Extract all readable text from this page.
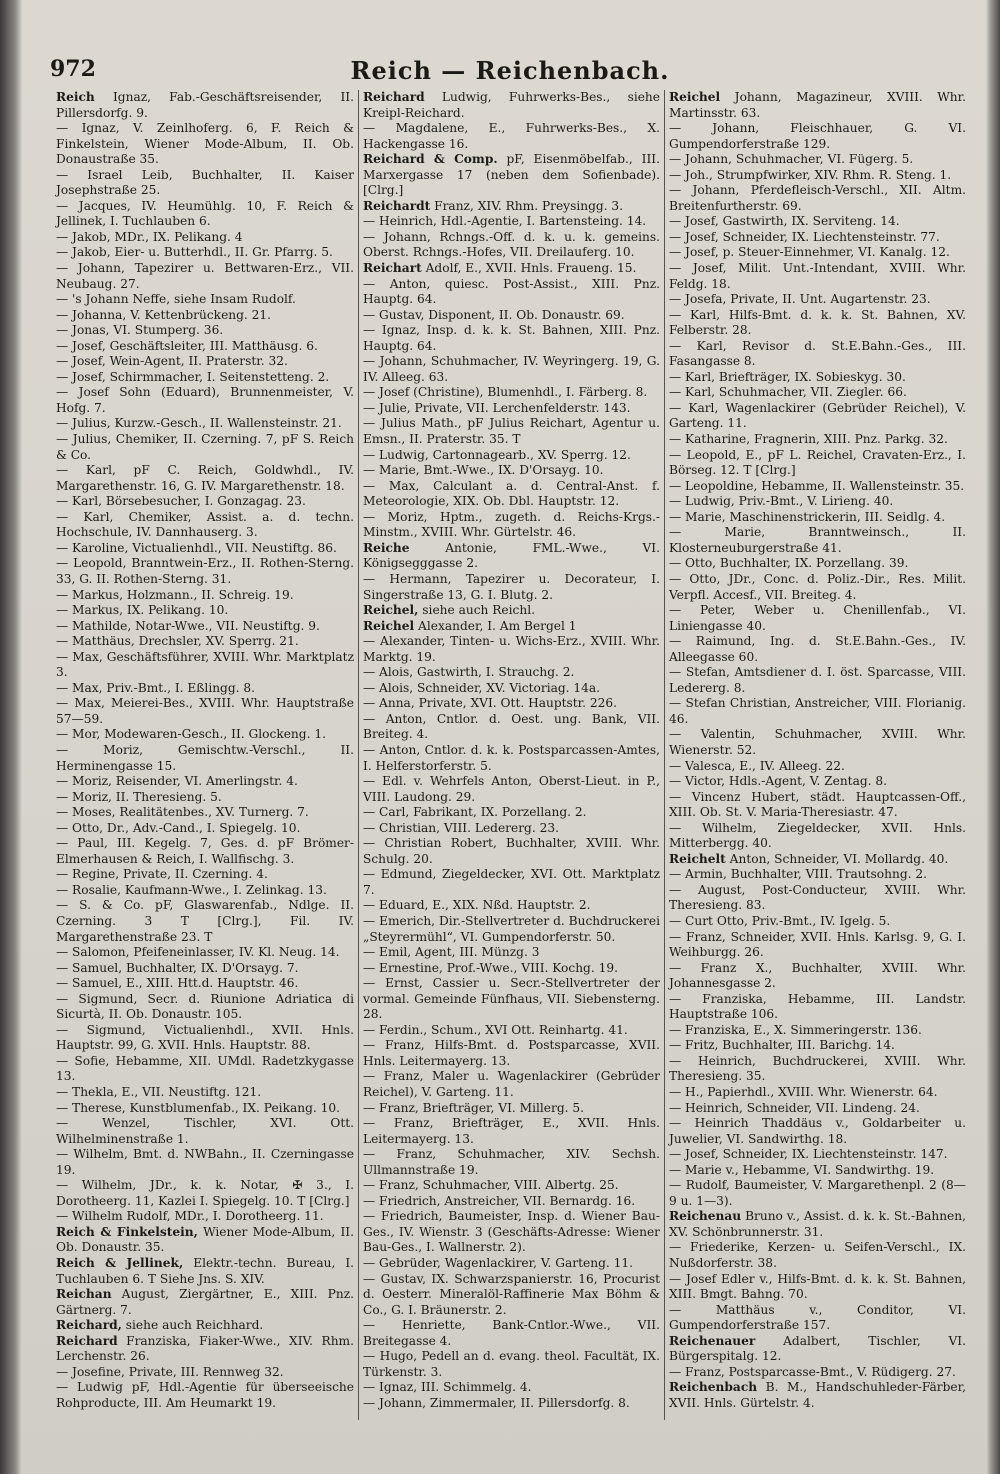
972	Reich — Reichenbach.
Reich Ignaz, Fab.-Geschäftsreisender, II. Pillersdorfg. 9.
— Ignaz, V. Zeinlhoferg. 6, F. Reich & Finkelstein, Wiener Mode-Album, II. Ob. Donaustraße 35.
— Israel Leib, Buchhalter, II. Kaiser Josephstraße 25.
— Jacques, IV. Heumühlg. 10, F. Reich & Jellinek, I. Tuchlauben 6.
— Jakob, MDr., IX. Pelikang. 4
— Jakob, Eier- u. Butterhdl., II. Gr. Pfarrg. 5.
— Johann, Tapezirer u. Bettwaren-Erz., VII. Neubaug. 27.
— 's Johann Neffe, siehe Insam Rudolf.
— Johanna, V. Kettenbrückeng. 21.
— Jonas, VI. Stumperg. 36.
— Josef, Geschäftsleiter, III. Matthäusg. 6.
— Josef, Wein-Agent, II. Praterstr. 32.
— Josef, Schirmmacher, I. Seitenstetteng. 2.
— Josef Sohn (Eduard), Brunnenmeister, V. Hofg. 7.
— Julius, Kurzw.-Gesch., II. Wallensteinstr. 21.
— Julius, Chemiker, II. Czerning. 7, pF S. Reich & Co.
— Karl, pF C. Reich, Goldwhdl., IV. Margarethenstr. 16, G. IV. Margarethenstr. 18.
— Karl, Börsebesucher, I. Gonzagag. 23.
— Karl, Chemiker, Assist. a. d. techn. Hochschule, IV. Dannhauserg. 3.
— Karoline, Victualienhdl., VII. Neustiftg. 86.
— Leopold, Branntwein-Erz., II. Rothen-Sterng. 33, G. II. Rothen-Sterng. 31.
— Markus, Holzmann., II. Schreig. 19.
— Markus, IX. Pelikang. 10.
— Mathilde, Notar-Wwe., VII. Neustiftg. 9.
— Matthäus, Drechsler, XV. Sperrg. 21.
— Max, Geschäftsführer, XVIII. Whr. Marktplatz 3.
— Max, Priv.-Bmt., I. Eßlingg. 8.
— Max, Meierei-Bes., XVIII. Whr. Hauptstraße 57—59.
— Mor, Modewaren-Gesch., II. Glockeng. 1.
— Moriz, Gemischtw.-Verschl., II. Herminengasse 15.
— Moriz, Reisender, VI. Amerlingstr. 4.
— Moriz, II. Theresieng. 5.
— Moses, Realitätenbes., XV. Turnerg. 7.
— Otto, Dr., Adv.-Cand., I. Spiegelg. 10.
— Paul, III. Kegelg. 7, Ges. d. pF Brömer-Elmerhausen & Reich, I. Wallfischg. 3.
— Regine, Private, II. Czerning. 4.
— Rosalie, Kaufmann-Wwe., I. Zelinkag. 13.
— S. & Co. pF, Glaswarenfab., Ndlge. II. Czerning. 3 T [Clrg.], Fil. IV. Margarethenstraße 23. T
— Salomon, Pfeifeneinlasser, IV. Kl. Neug. 14.
— Samuel, Buchhalter, IX. D'Orsayg. 7.
— Samuel, E., XIII. Htt.d. Hauptstr. 46.
— Sigmund, Secr. d. Riunione Adriatica di Sicurtà, II. Ob. Donaustr. 105.
— Sigmund, Victualienhdl., XVII. Hnls. Hauptstr. 99, G. XVII. Hnls. Hauptstr. 88.
— Sofie, Hebamme, XII. UMdl. Radetzkygasse 13.
— Thekla, E., VII. Neustiftg. 121.
— Therese, Kunstblumenfab., IX. Peikang. 10.
— Wenzel, Tischler, XVI. Ott. Wilhelminenstraße 1.
— Wilhelm, Bmt. d. NWBahn., II. Czerningasse 19.
— Wilhelm, JDr., k. k. Notar, ✠ 3., I. Dorotheerg. 11, Kazlei I. Spiegelg. 10. T [Clrg.]
— Wilhelm Rudolf, MDr., I. Dorotheerg. 11.
Reich & Finkelstein, Wiener Mode-Album, II. Ob. Donaustr. 35.
Reich & Jellinek, Elektr.-techn. Bureau, I. Tuchlauben 6. T Siehe Jns. S. XIV.
Reichan August, Ziergärtner, E., XIII. Pnz. Gärtnerg. 7.
Reichard, siehe auch Reichhard.
Reichard Franziska, Fiaker-Wwe., XIV. Rhm. Lerchenstr. 26.
— Josefine, Private, III. Rennweg 32.
— Ludwig pF, Hdl.-Agentie für überseeische Rohproducte, III. Am Heumarkt 19.
Reichard Ludwig, Fuhrwerks-Bes., siehe Kreipl-Reichard.
— Magdalene, E., Fuhrwerks-Bes., X. Hackengasse 16.
Reichard & Comp. pF, Eisenmöbelfab., III. Marxergasse 17 (neben dem Sofienbade). [Clrg.]
Reichardt Franz, XIV. Rhm. Preysingg. 3.
— Heinrich, Hdl.-Agentie, I. Bartensteing. 14.
— Johann, Rchngs.-Off. d. k. u. k. gemeins. Oberst. Rchngs.-Hofes, VII. Dreilauferg. 10.
Reichart Adolf, E., XVII. Hnls. Fraueng. 15.
— Anton, quiesc. Post-Assist., XIII. Pnz. Hauptg. 64.
— Gustav, Disponent, II. Ob. Donaustr. 69.
— Ignaz, Insp. d. k. k. St. Bahnen, XIII. Pnz. Hauptg. 64.
— Johann, Schuhmacher, IV. Weyringerg. 19, G. IV. Alleeg. 63.
— Josef (Christine), Blumenhdl., I. Färberg. 8.
— Julie, Private, VII. Lerchenfelderstr. 143.
— Julius Math., pF Julius Reichart, Agentur u. Emsn., II. Praterstr. 35. T
— Ludwig, Cartonnagearb., XV. Sperrg. 12.
— Marie, Bmt.-Wwe., IX. D'Orsayg. 10.
— Max, Calculant a. d. Central-Anst. f. Meteorologie, XIX. Ob. Dbl. Hauptstr. 12.
— Moriz, Hptm., zugeth. d. Reichs-Krgs.-Minstm., XVIII. Whr. Gürtelstr. 46.
Reiche Antonie, FML.-Wwe., VI. Königsegggasse 2.
— Hermann, Tapezirer u. Decorateur, I. Singerstraße 13, G. I. Blutg. 2.
Reichel, siehe auch Reichl.
Reichel Alexander, I. Am Bergel 1
— Alexander, Tinten- u. Wichs-Erz., XVIII. Whr. Marktg. 19.
— Alois, Gastwirth, I. Strauchg. 2.
— Alois, Schneider, XV. Victoriag. 14a.
— Anna, Private, XVI. Ott. Hauptstr. 226.
— Anton, Cntlor. d. Oest. ung. Bank, VII. Breiteg. 4.
— Anton, Cntlor. d. k. k. Postsparcassen-Amtes, I. Helferstorferstr. 5.
— Edl. v. Wehrfels Anton, Oberst-Lieut. in P., VIII. Laudong. 29.
— Carl, Fabrikant, IX. Porzellang. 2.
— Christian, VIII. Ledererg. 23.
— Christian Robert, Buchhalter, XVIII. Whr. Schulg. 20.
— Edmund, Ziegeldecker, XVI. Ott. Marktplatz 7.
— Eduard, E., XIX. Nßd. Hauptstr. 2.
— Emerich, Dir.-Stellvertreter d. Buchdruckerei „Steyrermühl“, VI. Gumpendorferstr. 50.
— Emil, Agent, III. Münzg. 3
— Ernestine, Prof.-Wwe., VIII. Kochg. 19.
— Ernst, Cassier u. Secr.-Stellvertreter der vormal. Gemeinde Fünfhaus, VII. Siebensterng. 28.
— Ferdin., Schum., XVI Ott. Reinhartg. 41.
— Franz, Hilfs-Bmt. d. Postsparcasse, XVII. Hnls. Leitermayerg. 13.
— Franz, Maler u. Wagenlackirer (Gebrüder Reichel), V. Garteng. 11.
— Franz, Briefträger, VI. Millerg. 5.
— Franz, Briefträger, E., XVII. Hnls. Leitermayerg. 13.
— Franz, Schuhmacher, XIV. Sechsh. Ullmannstraße 19.
— Franz, Schuhmacher, VIII. Albertg. 25.
— Friedrich, Anstreicher, VII. Bernardg. 16.
— Friedrich, Baumeister, Insp. d. Wiener Bau-Ges., IV. Wienstr. 3 (Geschäfts-Adresse: Wiener Bau-Ges., I. Wallnerstr. 2).
— Gebrüder, Wagenlackirer, V. Garteng. 11.
— Gustav, IX. Schwarzspanierstr. 16, Procurist d. Oesterr. Mineralöl-Raffinerie Max Böhm & Co., G. I. Bräunerstr. 2.
— Henriette, Bank-Cntlor.-Wwe., VII. Breitegasse 4.
— Hugo, Pedell an d. evang. theol. Facultät, IX. Türkenstr. 3.
— Ignaz, III. Schimmelg. 4.
— Johann, Zimmermaler, II. Pillersdorfg. 8.
Reichel Johann, Magazineur, XVIII. Whr. Martinsstr. 63.
— Johann, Fleischhauer, G. VI. Gumpendorferstraße 129.
— Johann, Schuhmacher, VI. Fügerg. 5.
— Joh., Strumpfwirker, XIV. Rhm. R. Steng. 1.
— Johann, Pferdefleisch-Verschl., XII. Altm. Breitenfurtherstr. 69.
— Josef, Gastwirth, IX. Serviteng. 14.
— Josef, Schneider, IX. Liechtensteinstr. 77.
— Josef, p. Steuer-Einnehmer, VI. Kanalg. 12.
— Josef, Milit. Unt.-Intendant, XVIII. Whr. Feldg. 18.
— Josefa, Private, II. Unt. Augartenstr. 23.
— Karl, Hilfs-Bmt. d. k. k. St. Bahnen, XV. Felberstr. 28.
— Karl, Revisor d. St.E.Bahn.-Ges., III. Fasangasse 8.
— Karl, Briefträger, IX. Sobieskyg. 30.
— Karl, Schuhmacher, VII. Ziegler. 66.
— Karl, Wagenlackirer (Gebrüder Reichel), V. Garteng. 11.
— Katharine, Fragnerin, XIII. Pnz. Parkg. 32.
— Leopold, E., pF L. Reichel, Cravaten-Erz., I. Börseg. 12. T [Clrg.]
— Leopoldine, Hebamme, II. Wallensteinstr. 35.
— Ludwig, Priv.-Bmt., V. Lirieng. 40.
— Marie, Maschinenstrickerin, III. Seidlg. 4.
— Marie, Branntweinsch., II. Klosterneuburgerstraße 41.
— Otto, Buchhalter, IX. Porzellang. 39.
— Otto, JDr., Conc. d. Poliz.-Dir., Res. Milit. Verpfl. Accesf., VII. Breiteg. 4.
— Peter, Weber u. Chenillenfab., VI. Liniengasse 40.
— Raimund, Ing. d. St.E.Bahn.-Ges., IV. Alleegasse 60.
— Stefan, Amtsdiener d. I. öst. Sparcasse, VIII. Ledererg. 8.
— Stefan Christian, Anstreicher, VIII. Florianig. 46.
— Valentin, Schuhmacher, XVIII. Whr. Wienerstr. 52.
— Valesca, E., IV. Alleeg. 22.
— Victor, Hdls.-Agent, V. Zentag. 8.
— Vincenz Hubert, städt. Hauptcassen-Off., XIII. Ob. St. V. Maria-Theresiastr. 47.
— Wilhelm, Ziegeldecker, XVII. Hnls. Mitterbergg. 40.
Reichelt Anton, Schneider, VI. Mollardg. 40.
— Armin, Buchhalter, VIII. Trautsohng. 2.
— August, Post-Conducteur, XVIII. Whr. Theresieng. 83.
— Curt Otto, Priv.-Bmt., IV. Igelg. 5.
— Franz, Schneider, XVII. Hnls. Karlsg. 9, G. I. Weihburgg. 26.
— Franz X., Buchhalter, XVIII. Whr. Johannesgasse 2.
— Franziska, Hebamme, III. Landstr. Hauptstraße 106.
— Franziska, E., X. Simmeringerstr. 136.
— Fritz, Buchhalter, III. Barichg. 14.
— Heinrich, Buchdruckerei, XVIII. Whr. Theresieng. 35.
— H., Papierhdl., XVIII. Whr. Wienerstr. 64.
— Heinrich, Schneider, VII. Lindeng. 24.
— Heinrich Thaddäus v., Goldarbeiter u. Juwelier, VI. Sandwirthg. 18.
— Josef, Schneider, IX. Liechtensteinstr. 147.
— Marie v., Hebamme, VI. Sandwirthg. 19.
— Rudolf, Baumeister, V. Margarethenpl. 2 (8—9 u. 1—3).
Reichenau Bruno v., Assist. d. k. k. St.-Bahnen, XV. Schönbrunnerstr. 31.
— Friederike, Kerzen- u. Seifen-Verschl., IX. Nußdorferstr. 38.
— Josef Edler v., Hilfs-Bmt. d. k. k. St. Bahnen, XIII. Bmgt. Bahng. 70.
— Matthäus v., Conditor, VI. Gumpendorferstraße 157.
Reichenauer Adalbert, Tischler, VI. Bürgerspitalg. 12.
— Franz, Postsparcasse-Bmt., V. Rüdigerg. 27.
Reichenbach B. M., Handschuhleder-Färber, XVII. Hnls. Gürtelstr. 4.
